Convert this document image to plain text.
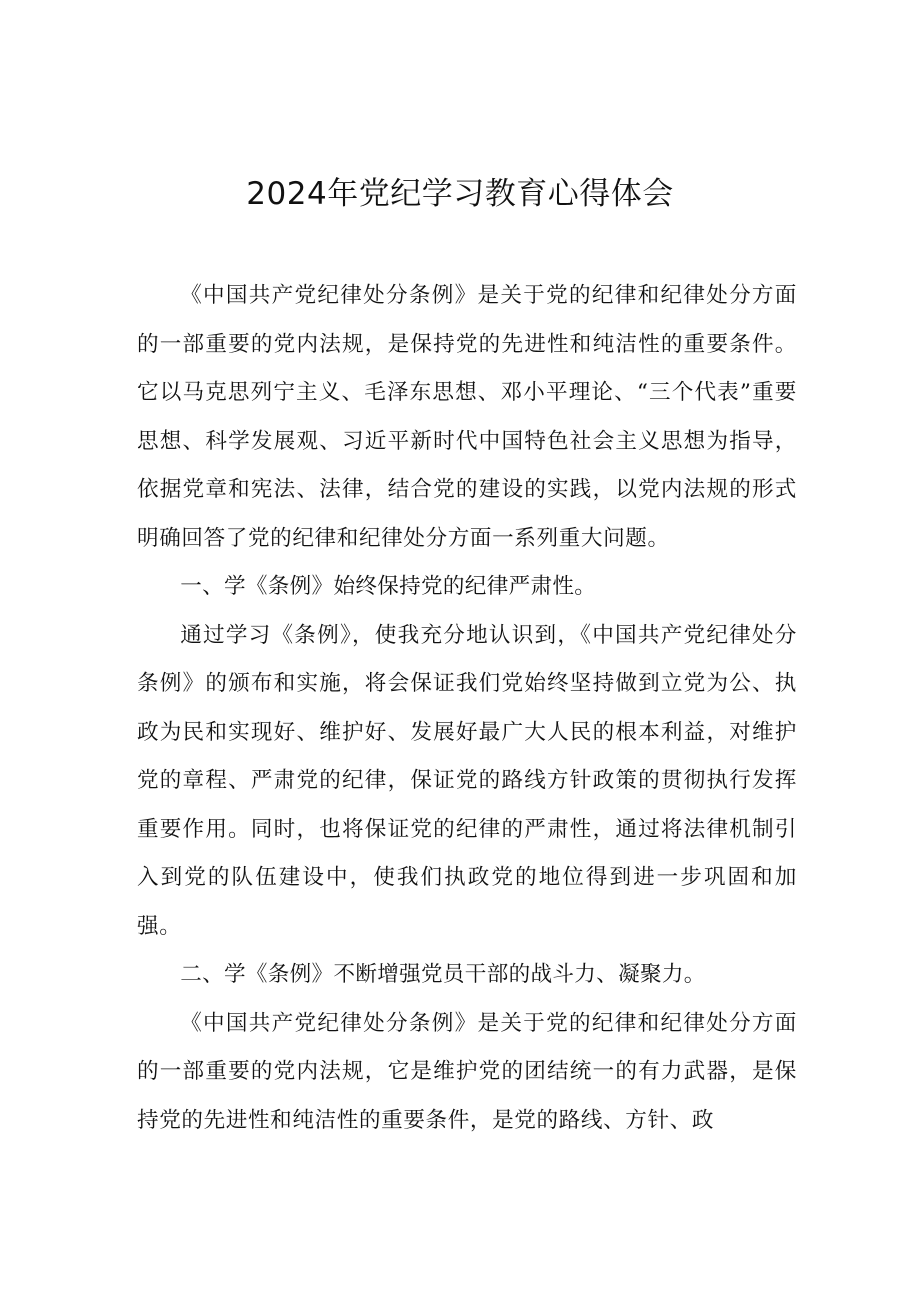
2024年党纪学习教育心得体会

《中国共产党纪律处分条例》是关于党的纪律和纪律处分方面的一部重要的党内法规，是保持党的先进性和纯洁性的重要条件。它以马克思列宁主义、毛泽东思想、邓小平理论、“三个代表”重要思想、科学发展观、习近平新时代中国特色社会主义思想为指导，依据党章和宪法、法律，结合党的建设的实践，以党内法规的形式明确回答了党的纪律和纪律处分方面一系列重大问题。

一、学《条例》始终保持党的纪律严肃性。

通过学习《条例》，使我充分地认识到，《中国共产党纪律处分条例》的颁布和实施，将会保证我们党始终坚持做到立党为公、执政为民和实现好、维护好、发展好最广大人民的根本利益，对维护党的章程、严肃党的纪律，保证党的路线方针政策的贯彻执行发挥重要作用。同时，也将保证党的纪律的严肃性，通过将法律机制引入到党的队伍建设中，使我们执政党的地位得到进一步巩固和加强。

二、学《条例》不断增强党员干部的战斗力、凝聚力。

《中国共产党纪律处分条例》是关于党的纪律和纪律处分方面的一部重要的党内法规，它是维护党的团结统一的有力武器，是保持党的先进性和纯洁性的重要条件，是党的路线、方针、政
